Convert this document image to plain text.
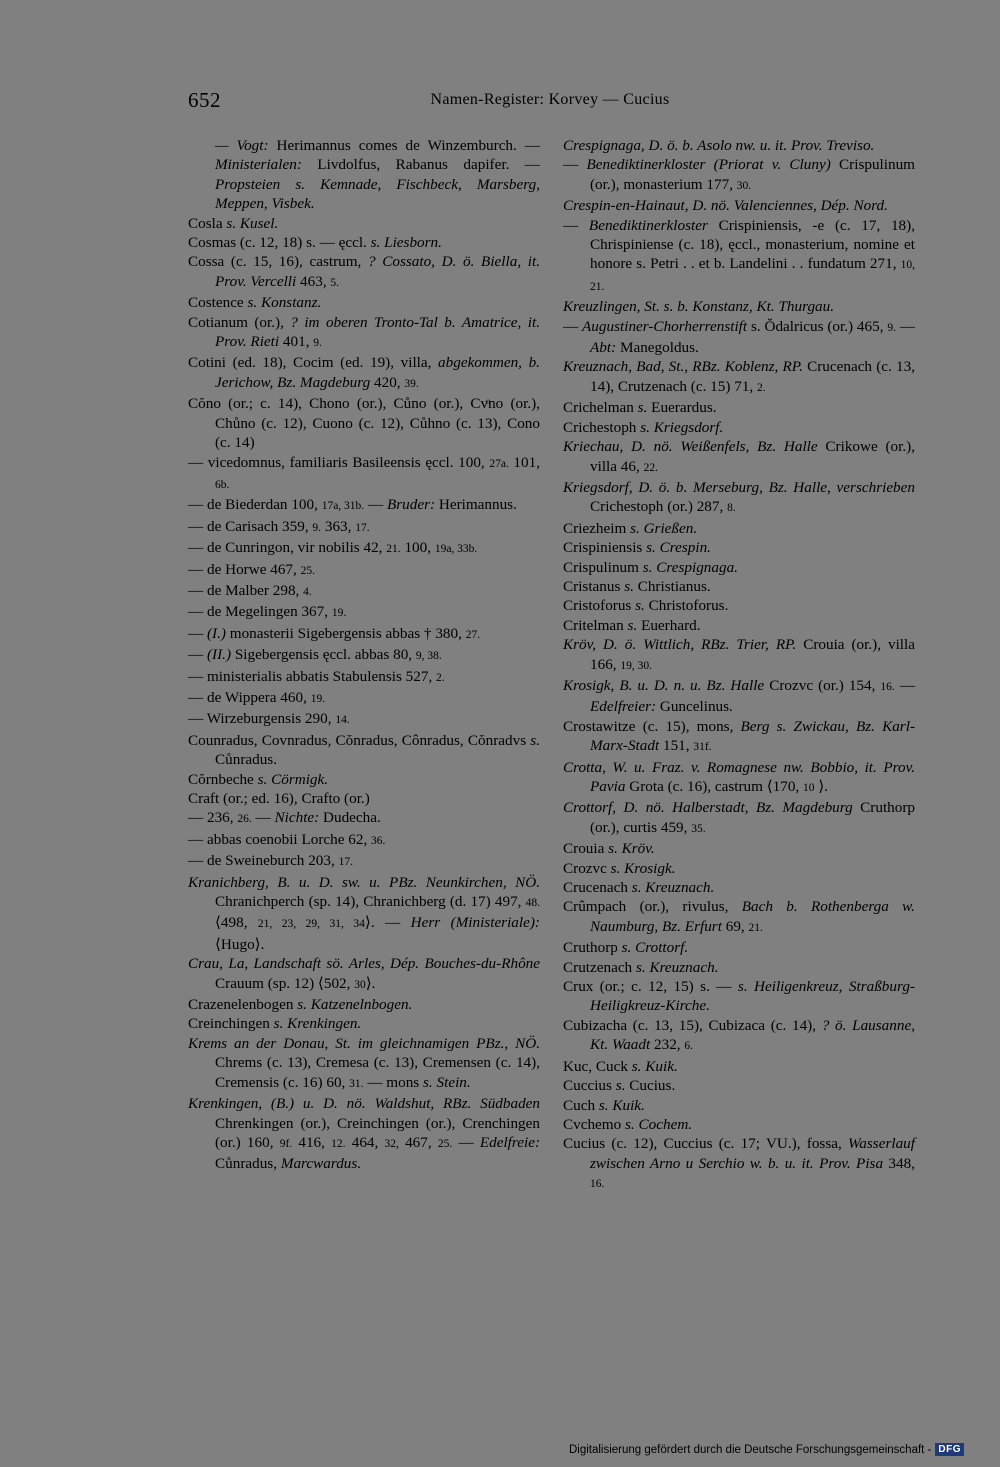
652	Namen-Register: Korvey — Cucius

— Vogt: Herimannus comes de Winzemburch. — Ministerialen: Livdolfus, Rabanus dapifer. — Propsteien s. Kemnade, Fischbeck, Marsberg, Meppen, Visbek.

Cosla s. Kusel.

Cosmas (c. 12, 18) s. — ęccl. s. Liesborn.

Cossa (c. 15, 16), castrum, ? Cossato, D. ö. Biella, it. Prov. Vercelli 463, 5.

Costence s. Konstanz.

Cotianum (or.), ? im oberen Tronto-Tal b. Amatrice, it. Prov. Rieti 401, 9.

Cotini (ed. 18), Cocim (ed. 19), villa, abgekommen, b. Jerichow, Bz. Magdeburg 420, 39.

Cŏno (or.; c. 14), Chono (or.), Cůno (or.), Cvͦno (or.), Chůno (c. 12), Cuono (c. 12), Cůhno (c. 13), Cono (c. 14)

— vicedomnus, familiaris Basileensis ęccl. 100, 27a. 101, 6b.

— de Biederdan 100, 17a, 31b. — Bruder: Herimannus.

— de Carisach 359, 9. 363, 17.

— de Cunringon, vir nobilis 42, 21. 100, 19a, 33b.

— de Horwe 467, 25.

— de Malber 298, 4.

— de Megelingen 367, 19.

— (I.) monasterii Sigebergensis abbas † 380, 27.

— (II.) Sigebergensis ęccl. abbas 80, 9, 38.

— ministerialis abbatis Stabulensis 527, 2.

— de Wippera 460, 19.

— Wirzeburgensis 290, 14.

Counradus, Covnradus, Cŏnradus, Cônradus, Cŏnradvs s. Cůnradus.

Cŏrnbeche s. Cörmigk.

Craft (or.; ed. 16), Crafto (or.)

— 236, 26. — Nichte: Dudecha.

— abbas coenobii Lorche 62, 36.

— de Sweineburch 203, 17.

Kranichberg, B. u. D. sw. u. PBz. Neunkirchen, NÖ. Chranichperch (sp. 14), Chranichberg (d. 17) 497, 48. ⟨498, 21, 23, 29, 31, 34⟩. — Herr (Ministeriale): ⟨Hugo⟩.

Crau, La, Landschaft sö. Arles, Dép. Bouches-du-Rhône Crauum (sp. 12) ⟨502, 30⟩.

Crazenelenbogen s. Katzenelnbogen.

Creinchingen s. Krenkingen.

Krems an der Donau, St. im gleichnamigen PBz., NÖ. Chrems (c. 13), Cremesa (c. 13), Cremensen (c. 14), Cremensis (c. 16) 60, 31. — mons s. Stein.

Krenkingen, (B.) u. D. nö. Waldshut, RBz. Südbaden Chrenkingen (or.), Creinchingen (or.), Crenchingen (or.) 160, 9f. 416, 12. 464, 32, 467, 25. — Edelfreie: Cůnradus, Marcwardus.

Crespignaga, D. ö. b. Asolo nw. u. it. Prov. Treviso.

— Benediktinerkloster (Priorat v. Cluny) Crispulinum (or.), monasterium 177, 30.

Crespin-en-Hainaut, D. nö. Valenciennes, Dép. Nord.

— Benediktinerkloster Crispiniensis, -e (c. 17, 18), Chrispiniense (c. 18), ęccl., monasterium, nomine et honore s. Petri . . et b. Landelini . . fundatum 271, 10, 21.

Kreuzlingen, St. s. b. Konstanz, Kt. Thurgau.

— Augustiner-Chorherrenstift s. Ŏdalricus (or.) 465, 9. — Abt: Manegoldus.

Kreuznach, Bad, St., RBz. Koblenz, RP. Crucenach (c. 13, 14), Crutzenach (c. 15) 71, 2.

Crichelman s. Euerardus.

Crichestoph s. Kriegsdorf.

Kriechau, D. nö. Weißenfels, Bz. Halle Crikowe (or.), villa 46, 22.

Kriegsdorf, D. ö. b. Merseburg, Bz. Halle, verschrieben Crichestoph (or.) 287, 8.

Criezheim s. Grießen.

Crispiniensis s. Crespin.

Crispulinum s. Crespignaga.

Cristanus s. Christianus.

Cristoforus s. Christoforus.

Critelman s. Euerhard.

Kröv, D. ö. Wittlich, RBz. Trier, RP. Crouia (or.), villa 166, 19, 30.

Krosigk, B. u. D. n. u. Bz. Halle Crozvc (or.) 154, 16. — Edelfreier: Guncelinus.

Crostawitze (c. 15), mons, Berg s. Zwickau, Bz. Karl-Marx-Stadt 151, 31f.

Crotta, W. u. Fraz. v. Romagnese nw. Bobbio, it. Prov. Pavia Grota (c. 16), castrum ⟨170, 10 ⟩.

Crottorf, D. nö. Halberstadt, Bz. Magdeburg Cruthorp (or.), curtis 459, 35.

Crouia s. Kröv.

Crozvc s. Krosigk.

Crucenach s. Kreuznach.

Crûmpach (or.), rivulus, Bach b. Rothenberga w. Naumburg, Bz. Erfurt 69, 21.

Cruthorp s. Crottorf.

Crutzenach s. Kreuznach.

Crux (or.; c. 12, 15) s. — s. Heiligenkreuz, Straßburg-Heiligkreuz-Kirche.

Cubizacha (c. 13, 15), Cubizaca (c. 14), ? ö. Lausanne, Kt. Waadt 232, 6.

Kuc, Cuck s. Kuik.

Cuccius s. Cucius.

Cuch s. Kuik.

Cvchemo s. Cochem.

Cucius (c. 12), Cuccius (c. 17; VU.), fossa, Wasserlauf zwischen Arno u Serchio w. b. u. it. Prov. Pisa 348, 16.

Digitalisierung gefördert durch die Deutsche Forschungsgemeinschaft - DFG
